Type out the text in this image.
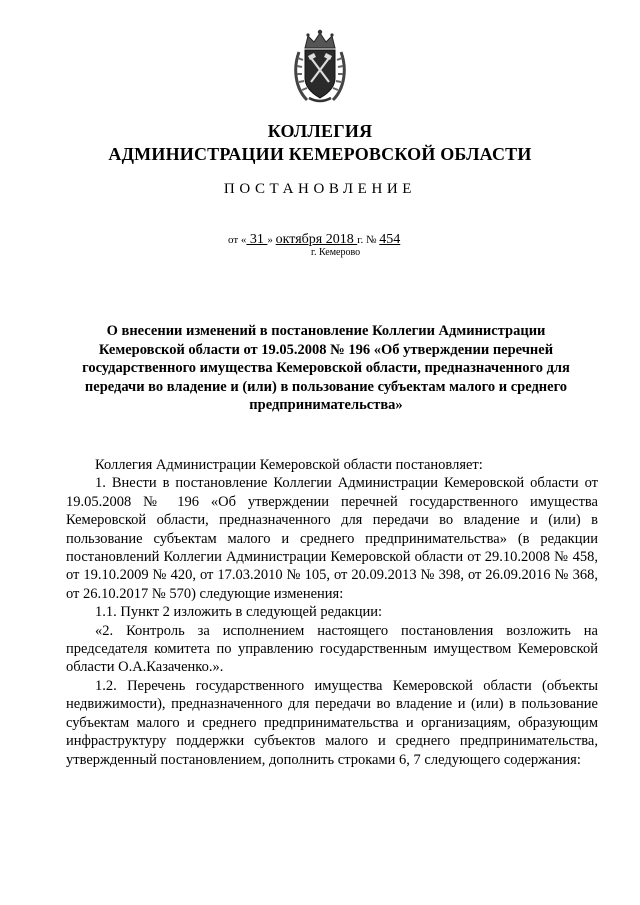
КОЛЛЕГИЯ
АДМИНИСТРАЦИИ КЕМЕРОВСКОЙ ОБЛАСТИ
ПОСТАНОВЛЕНИЕ
от « 31 » октября 2018 г. № 454
г. Кемерово
О внесении изменений в постановление Коллегии Администрации Кемеровской области от 19.05.2008 № 196 «Об утверждении перечней государственного имущества Кемеровской области, предназначенного для передачи во владение и (или) в пользование субъектам малого и среднего предпринимательства»

Коллегия Администрации Кемеровской области постановляет:

1. Внести в постановление Коллегии Администрации Кемеровской области от 19.05.2008 № 196 «Об утверждении перечней государственного имущества Кемеровской области, предназначенного для передачи во владение и (или) в пользование субъектам малого и среднего предпринимательства» (в редакции постановлений Коллегии Администрации Кемеровской области от 29.10.2008 № 458, от 19.10.2009 № 420, от 17.03.2010 № 105, от 20.09.2013 № 398, от 26.09.2016 № 368, от 26.10.2017 № 570) следующие изменения:

1.1. Пункт 2 изложить в следующей редакции:

«2. Контроль за исполнением настоящего постановления возложить на председателя комитета по управлению государственным имуществом Кемеровской области О.А.Казаченко.».

1.2. Перечень государственного имущества Кемеровской области (объекты недвижимости), предназначенного для передачи во владение и (или) в пользование субъектам малого и среднего предпринимательства и организациям, образующим инфраструктуру поддержки субъектов малого и среднего предпринимательства, утвержденный постановлением, дополнить строками 6, 7 следующего содержания:
